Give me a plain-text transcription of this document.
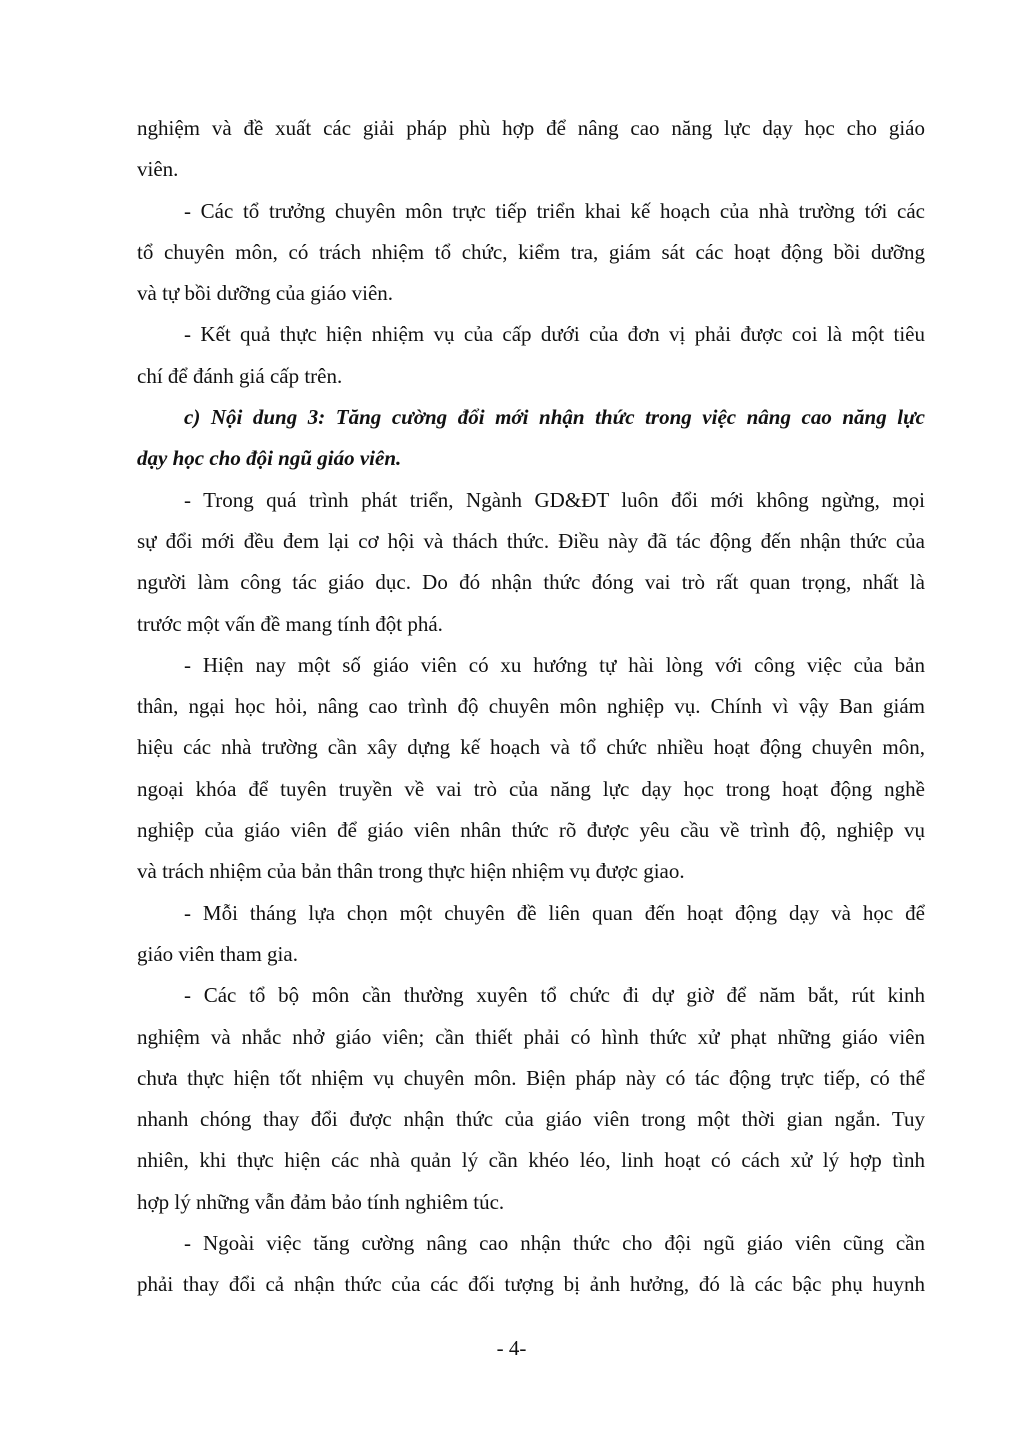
nghiệm và đề xuất các giải pháp phù hợp để nâng cao năng lực dạy học cho giáo
viên.
- Các tổ trưởng chuyên môn trực tiếp triển khai kế hoạch của nhà trường tới các
tổ chuyên môn, có trách nhiệm tổ chức, kiểm tra, giám sát các hoạt động bồi dưỡng
và tự bồi dưỡng của giáo viên.
- Kết quả thực hiện nhiệm vụ của cấp dưới của đơn vị phải được coi là một tiêu
chí để đánh giá cấp trên.
c) Nội dung 3: Tăng cường đổi mới nhận thức trong việc nâng cao năng lực
dạy học cho đội ngũ giáo viên.
- Trong quá trình phát triển, Ngành GD&ĐT luôn đổi mới không ngừng, mọi
sự đổi mới đều đem lại cơ hội và thách thức. Điều này đã tác động đến nhận thức của
người làm công tác giáo dục. Do đó nhận thức đóng vai trò rất quan trọng, nhất là
trước một vấn đề mang tính đột phá.
- Hiện nay một số giáo viên có xu hướng tự hài lòng với công việc của bản
thân, ngại học hỏi, nâng cao trình độ chuyên môn nghiệp vụ. Chính vì vậy Ban giám
hiệu các nhà trường cần xây dựng kế hoạch và tổ chức nhiều hoạt động chuyên môn,
ngoại khóa để tuyên truyền về vai trò của năng lực dạy học trong hoạt động nghề
nghiệp của giáo viên để giáo viên nhân thức rõ được yêu cầu về trình độ, nghiệp vụ
và trách nhiệm của bản thân trong thực hiện nhiệm vụ được giao.
- Mỗi tháng lựa chọn một chuyên đề liên quan đến hoạt động dạy và học để
giáo viên tham gia.
- Các tổ bộ môn cần thường xuyên tổ chức đi dự giờ để năm bắt, rút kinh
nghiệm và nhắc nhở giáo viên; cần thiết phải có hình thức xử phạt những giáo viên
chưa thực hiện tốt nhiệm vụ chuyên môn. Biện pháp này có tác động trực tiếp, có thể
nhanh chóng thay đổi được nhận thức của giáo viên trong một thời gian ngắn. Tuy
nhiên, khi thực hiện các nhà quản lý cần khéo léo, linh hoạt có cách xử lý hợp tình
hợp lý những vẫn đảm bảo tính nghiêm túc.
- Ngoài việc tăng cường nâng cao nhận thức cho đội ngũ giáo viên cũng cần
phải thay đổi cả nhận thức của các đối tượng bị ảnh hưởng, đó là các bậc phụ huynh
- 4-
